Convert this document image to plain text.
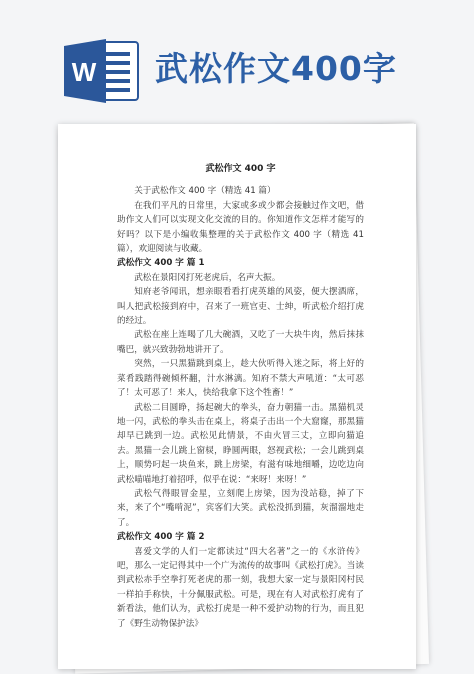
W 武松作文400字

武松作文 400 字

关于武松作文 400 字（精选 41 篇）

在我们平凡的日常里，大家或多或少都会接触过作文吧，借助作文人们可以实现文化交流的目的。你知道作文怎样才能写的好吗？以下是小编收集整理的关于武松作文 400 字（精选 41 篇），欢迎阅读与收藏。

武松作文 400 字 篇 1

武松在景阳冈打死老虎后，名声大振。

知府老爷闻讯，想亲眼看看打虎英雄的风姿，便大摆酒席，叫人把武松接到府中，召来了一班官吏、士绅，听武松介绍打虎的经过。

武松在座上连喝了几大碗酒，又吃了一大块牛肉，然后抹抹嘴巴，就兴致勃勃地讲开了。

突然，一只黑猫跳到桌上，趁大伙听得入迷之际，将上好的菜肴践踏得碗倾杯翻，汁水淋漓。知府不禁大声吼道：“太可恶了！太可恶了！来人，快给我拿下这个牲畜！”

武松二目圆睁，扬起碗大的拳头，奋力朝猫一击。黑猫机灵地一闪，武松的拳头击在桌上，将桌子击出一个大窟窿，那黑猫却早已跳到一边。武松见此情景，不由火冒三丈，立即向猫追去。黑猫一会儿跳上窗棂，睁圆两眼，怒视武松；一会儿跳到桌上，顺势叼起一块鱼来，跳上房梁，有滋有味地细嚼，边吃边向武松喵喵地打着招呼，似乎在说：“来呀！来呀！”

武松气得眼冒金星，立刻爬上房梁，因为没站稳，掉了下来，来了个“嘴啃泥”，宾客们大笑。武松没抓到猫，灰溜溜地走了。

武松作文 400 字 篇 2

喜爱文学的人们一定都读过“四大名著”之一的《水浒传》吧，那么一定记得其中一个广为流传的故事叫《武松打虎》。当读到武松赤手空拳打死老虎的那一刻，我想大家一定与景阳冈村民一样拍手称快，十分佩服武松。可是，现在有人对武松打虎有了新看法，他们认为，武松打虎是一种不爱护动物的行为，而且犯了《野生动物保护法》
